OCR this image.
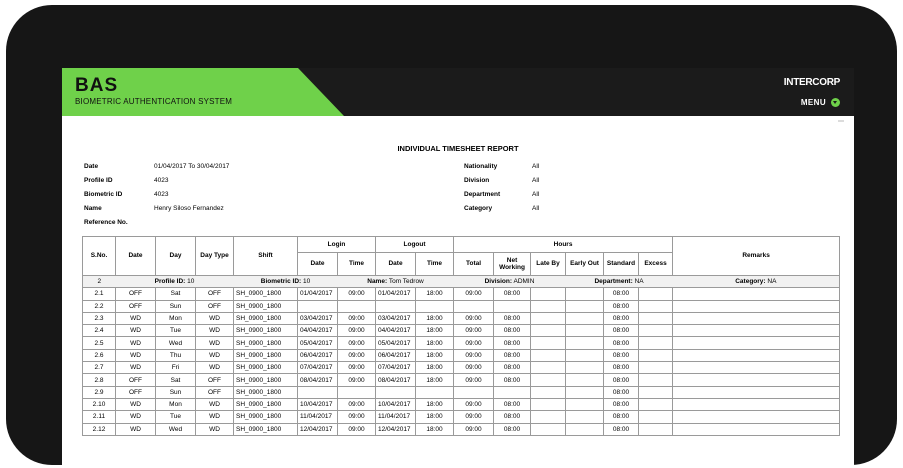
BAS
BIOMETRIC AUTHENTICATION SYSTEM
INTERCORP
MENU
INDIVIDUAL TIMESHEET REPORT
Date	01/04/2017 To 30/04/2017
Profile ID	4023
Biometric ID	4023
Name	Henry Siloso Fernandez
Reference No.
Nationality	All
Division	All
Department	All
Category	All
S.No.	Date	Day	Day Type	Shift	Login		Logout		Hours						Remarks
					Date	Time	Date	Time	Total	Net Working	Late By	Early Out	Standard	Excess	
2	Profile ID: 10			Biometric ID: 10		Name: Tom Tedrow			Division: ADMIN			Department: NA			Category: NA
2.1	OFF	Sat	OFF	SH_0900_1800	01/04/2017	09:00	01/04/2017	18:00	09:00	08:00			08:00		
2.2	OFF	Sun	OFF	SH_0900_1800									08:00		
2.3	WD	Mon	WD	SH_0900_1800	03/04/2017	09:00	03/04/2017	18:00	09:00	08:00			08:00		
2.4	WD	Tue	WD	SH_0900_1800	04/04/2017	09:00	04/04/2017	18:00	09:00	08:00			08:00		
2.5	WD	Wed	WD	SH_0900_1800	05/04/2017	09:00	05/04/2017	18:00	09:00	08:00			08:00		
2.6	WD	Thu	WD	SH_0900_1800	06/04/2017	09:00	06/04/2017	18:00	09:00	08:00			08:00		
2.7	WD	Fri	WD	SH_0900_1800	07/04/2017	09:00	07/04/2017	18:00	09:00	08:00			08:00		
2.8	OFF	Sat	OFF	SH_0900_1800	08/04/2017	09:00	08/04/2017	18:00	09:00	08:00			08:00		
2.9	OFF	Sun	OFF	SH_0900_1800									08:00		
2.10	WD	Mon	WD	SH_0900_1800	10/04/2017	09:00	10/04/2017	18:00	09:00	08:00			08:00		
2.11	WD	Tue	WD	SH_0900_1800	11/04/2017	09:00	11/04/2017	18:00	09:00	08:00			08:00		
2.12	WD	Wed	WD	SH_0900_1800	12/04/2017	09:00	12/04/2017	18:00	09:00	08:00			08:00		
